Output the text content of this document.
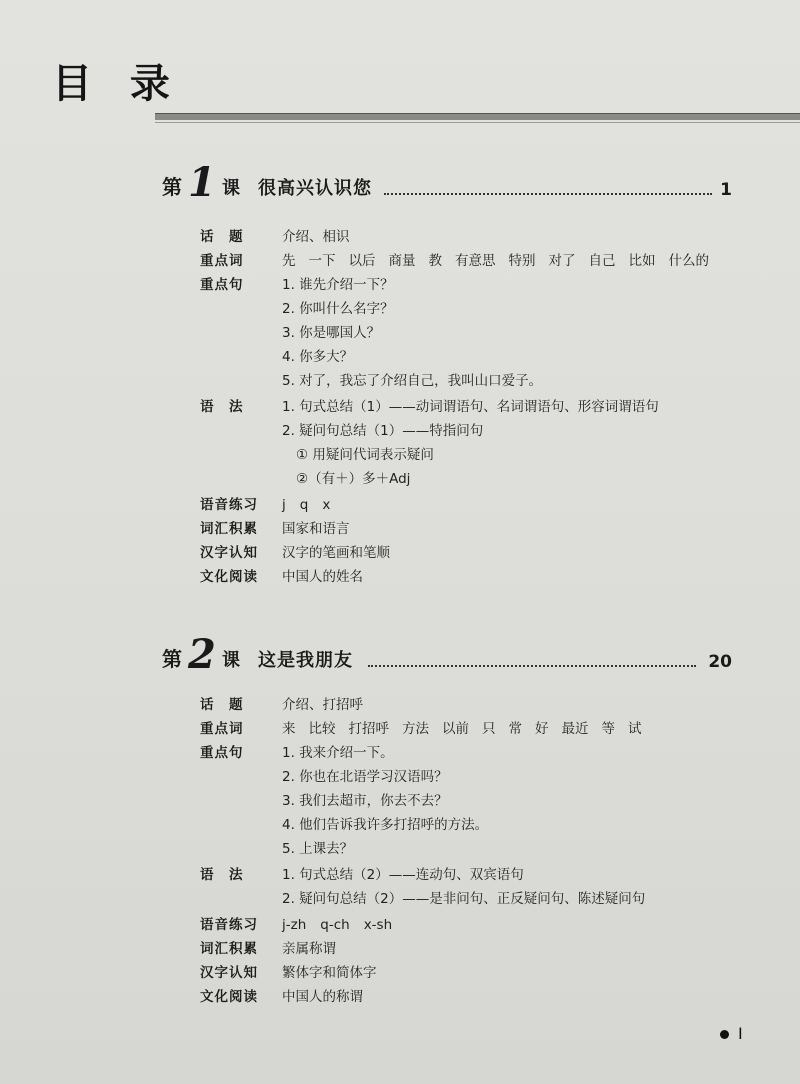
目 录
第 1 课 很高兴认识您	1
话　题	介绍、相识
重点词	先 一下 以后 商量 教 有意思 特别 对了 自己 比如 什么的
重点句	1. 谁先介绍一下？
2. 你叫什么名字？
3. 你是哪国人？
4. 你多大？
5. 对了，我忘了介绍自己，我叫山口爱子。
语　法	1. 句式总结（1）——动词谓语句、名词谓语句、形容词谓语句
2. 疑问句总结（1）——特指问句
① 用疑问代词表示疑问
②（有＋）多＋Adj
语音练习	j q x
词汇积累	国家和语言
汉字认知	汉字的笔画和笔顺
文化阅读	中国人的姓名
第 2 课 这是我朋友	20
话　题	介绍、打招呼
重点词	来 比较 打招呼 方法 以前 只 常 好 最近 等 试
重点句	1. 我来介绍一下。
2. 你也在北语学习汉语吗？
3. 我们去超市，你去不去？
4. 他们告诉我许多打招呼的方法。
5. 上课去？
语　法	1. 句式总结（2）——连动句、双宾语句
2. 疑问句总结（2）——是非问句、正反疑问句、陈述疑问句
语音练习	j-zh q-ch x-sh
词汇积累	亲属称谓
汉字认知	繁体字和简体字
文化阅读	中国人的称谓
I
